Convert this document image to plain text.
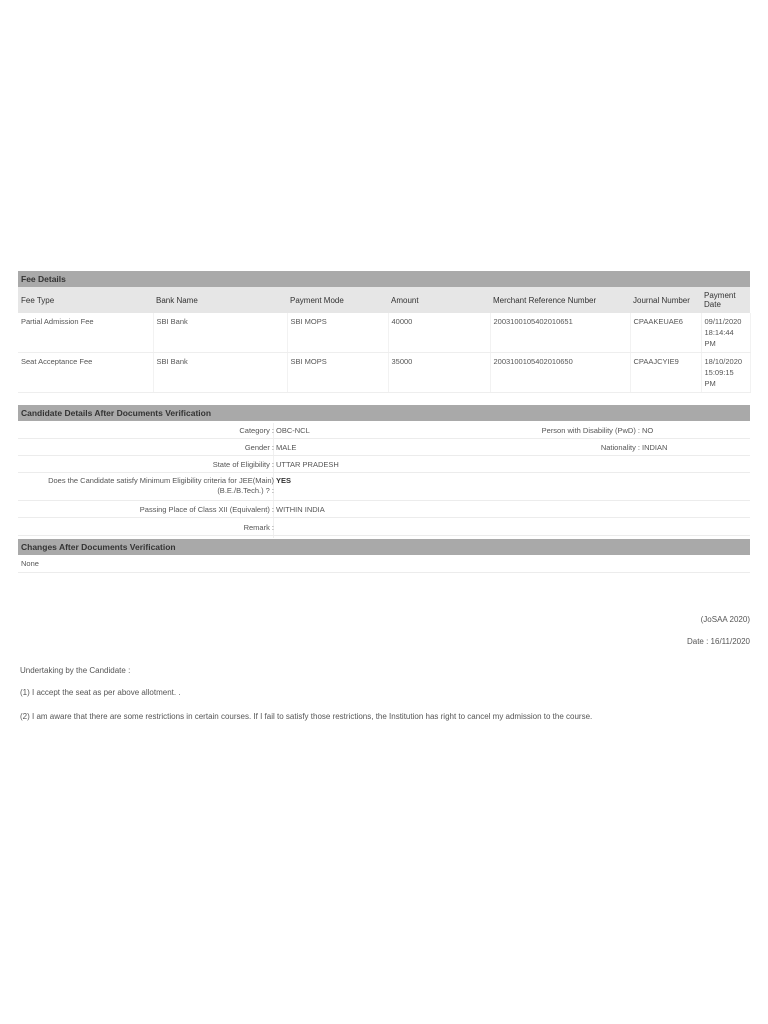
Fee Details
Fee Type	Bank Name	Payment Mode	Amount	Merchant Reference Number	Journal Number	Payment Date
Partial Admission Fee	SBI Bank	SBI MOPS	40000	2003100105402010651	CPAAKEUAE6	09/11/2020 18:14:44 PM
Seat Acceptance Fee	SBI Bank	SBI MOPS	35000	2003100105402010650	CPAAJCYIE9	18/10/2020 15:09:15 PM
Candidate Details After Documents Verification
Category : OBC-NCL	Person with Disability (PwD) : NO
Gender : MALE	Nationality : INDIAN
State of Eligibility : UTTAR PRADESH
Does the Candidate satisfy Minimum Eligibility criteria for JEE(Main) (B.E./B.Tech.) ? :
YES
Passing Place of Class XII (Equivalent) : WITHIN INDIA
Remark :
Changes After Documents Verification
None
(JoSAA 2020)
Date : 16/11/2020
Undertaking by the Candidate :
(1) I accept the seat as per above allotment. .
(2) I am aware that there are some restrictions in certain courses. If I fail to satisfy those restrictions, the Institution has right to cancel my admission to the course.
